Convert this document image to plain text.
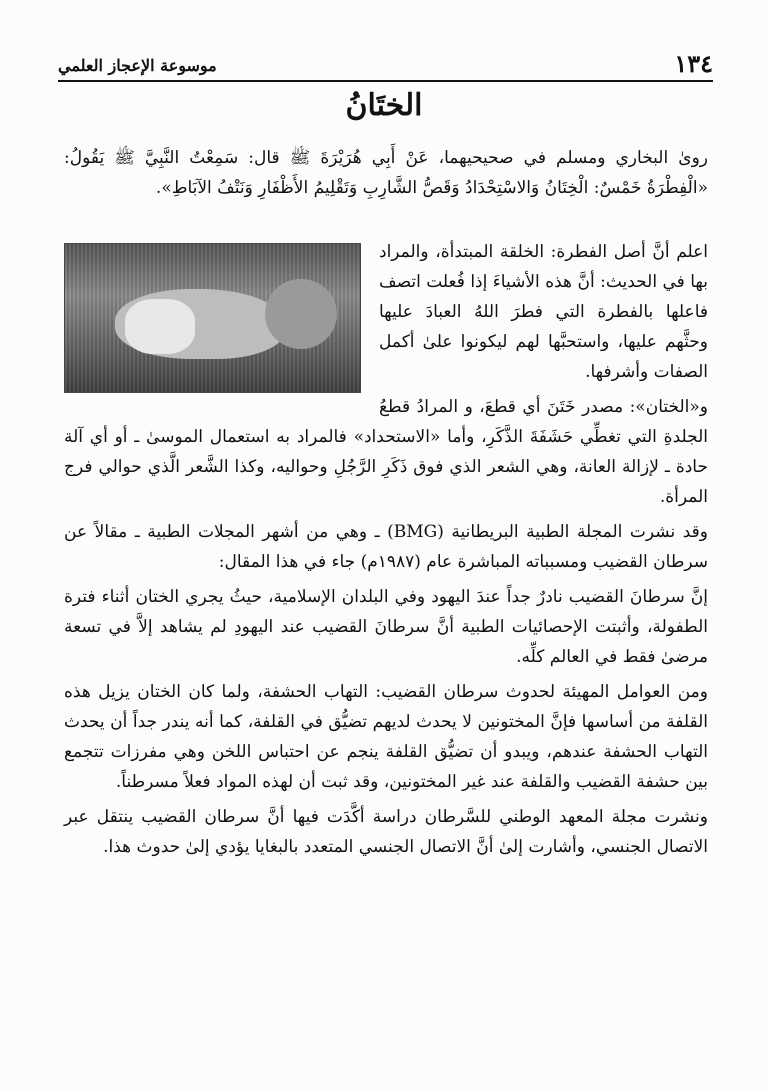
١٣٤
موسوعة الإعجاز العلمي
الختَانُ

روىٰ البخاري ومسلم في صحيحيهما، عَنْ أَبِي هُرَيْرَةَ ﷺ قال: سَمِعْتُ النَّبِيَّ ﷺ يَقُولُ: «الْفِطْرَةُ خَمْسٌ: الْخِتَانُ وَالاسْتِحْدَادُ وَقَصُّ الشَّارِبِ وَتَقْلِيمُ الأَظْفَارِ وَنَتْفُ الآبَاطِ».

اعلم أنَّ أصل الفطرة: الخلقة المبتدأة، والمراد بها في الحديث: أنَّ هذه الأشياءَ إذا فُعلت اتصف فاعلها بالفطرة التي فطرَ اللهُ العبادَ عليها وحثَّهم عليها، واستحبَّها لهم ليكونوا علىٰ أكمل الصفات وأشرفها.

و«الختان»: مصدر خَتَنَ أي قطعَ، و المرادُ قطعُ الجلدةِ التي تغطِّي حَشَفَةَ الذَّكَرِ، وأما «الاستحداد» فالمراد به استعمال الموسىٰ ـ أو أي آلة حادة ـ لإزالة العانة، وهي الشعر الذي فوق ذَكَرِ الرَّجُلِ وحواليه، وكذا الشَّعر الَّذي حوالي فرج المرأة.

وقد نشرت المجلة الطبية البريطانية (BMG) ـ وهي من أشهر المجلات الطبية ـ مقالاً عن سرطان القضيب ومسبباته المباشرة عام (١٩٨٧م) جاء في هذا المقال:

إنَّ سرطانَ القضيب نادرٌ جداً عندَ اليهود وفي البلدان الإسلامية، حيثُ يجري الختان أثناء فترة الطفولة، وأثبتت الإحصائيات الطبية أنَّ سرطانَ القضيب عند اليهودِ لم يشاهد إلاَّ في تسعة مرضىٰ فقط في العالم كلِّه.

ومن العوامل المهيئة لحدوث سرطان القضيب: التهاب الحشفة، ولما كان الختان يزيل هذه القلفة من أساسها فإنَّ المختونين لا يحدث لديهم تضيُّق في القلفة، كما أنه يندر جداً أن يحدث التهاب الحشفة عندهم، ويبدو أن تضيُّق القلفة ينجم عن احتباس اللخن وهي مفرزات تتجمع بين حشفة القضيب والقلفة عند غير المختونين، وقد ثبت أن لهذه المواد فعلاً مسرطناً.

ونشرت مجلة المعهد الوطني للسَّرطان دراسة أكَّدَت فيها أنَّ سرطان القضيب ينتقل عبر الاتصال الجنسي، وأشارت إلىٰ أنَّ الاتصال الجنسي المتعدد بالبغايا يؤدي إلىٰ حدوث هذا.
